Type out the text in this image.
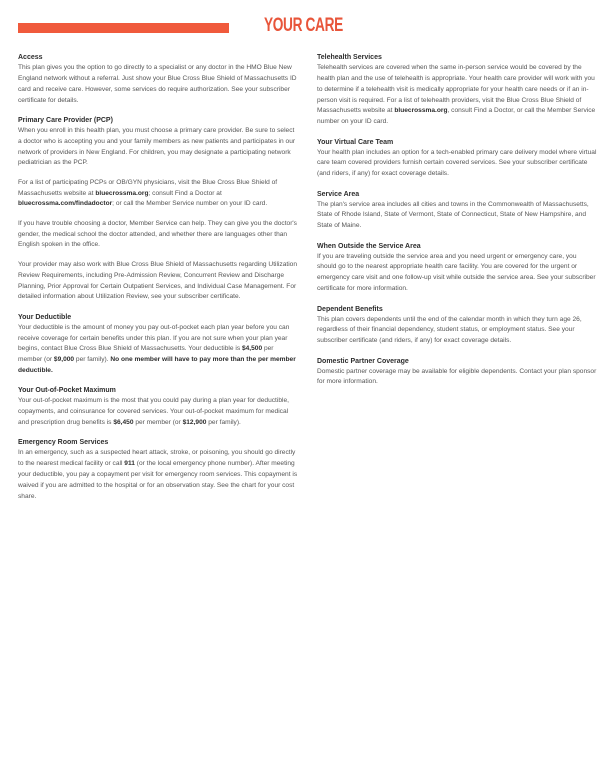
YOUR CARE
Access

This plan gives you the option to go directly to a specialist or any doctor in the HMO Blue New England network without a referral. Just show your Blue Cross Blue Shield of Massachusetts ID card and receive care. However, some services do require authorization. See your subscriber certificate for details.

Primary Care Provider (PCP)

When you enroll in this health plan, you must choose a primary care provider. Be sure to select a doctor who is accepting you and your family members as new patients and participates in our network of providers in New England. For children, you may designate a participating network pediatrician as the PCP.

For a list of participating PCPs or OB/GYN physicians, visit the Blue Cross Blue Shield of Massachusetts website at bluecrossma.org; consult Find a Doctor at bluecrossma.com/findadoctor; or call the Member Service number on your ID card.

If you have trouble choosing a doctor, Member Service can help. They can give you the doctor's gender, the medical school the doctor attended, and whether there are languages other than English spoken in the office.

Your provider may also work with Blue Cross Blue Shield of Massachusetts regarding Utilization Review Requirements, including Pre-Admission Review, Concurrent Review and Discharge Planning, Prior Approval for Certain Outpatient Services, and Individual Case Management. For detailed information about Utilization Review, see your subscriber certificate.

Your Deductible

Your deductible is the amount of money you pay out-of-pocket each plan year before you can receive coverage for certain benefits under this plan. If you are not sure when your plan year begins, contact Blue Cross Blue Shield of Massachusetts. Your deductible is $4,500 per member (or $9,000 per family). No one member will have to pay more than the per member deductible.

Your Out-of-Pocket Maximum

Your out-of-pocket maximum is the most that you could pay during a plan year for deductible, copayments, and coinsurance for covered services. Your out-of-pocket maximum for medical and prescription drug benefits is $6,450 per member (or $12,900 per family).

Emergency Room Services

In an emergency, such as a suspected heart attack, stroke, or poisoning, you should go directly to the nearest medical facility or call 911 (or the local emergency phone number). After meeting your deductible, you pay a copayment per visit for emergency room services. This copayment is waived if you are admitted to the hospital or for an observation stay. See the chart for your cost share.

Telehealth Services

Telehealth services are covered when the same in-person service would be covered by the health plan and the use of telehealth is appropriate. Your health care provider will work with you to determine if a telehealth visit is medically appropriate for your health care needs or if an in-person visit is required. For a list of telehealth providers, visit the Blue Cross Blue Shield of Massachusetts website at bluecrossma.org, consult Find a Doctor, or call the Member Service number on your ID card.

Your Virtual Care Team

Your health plan includes an option for a tech-enabled primary care delivery model where virtual care team covered providers furnish certain covered services. See your subscriber certificate (and riders, if any) for exact coverage details.

Service Area

The plan's service area includes all cities and towns in the Commonwealth of Massachusetts, State of Rhode Island, State of Vermont, State of Connecticut, State of New Hampshire, and State of Maine.

When Outside the Service Area

If you are traveling outside the service area and you need urgent or emergency care, you should go to the nearest appropriate health care facility. You are covered for the urgent or emergency care visit and one follow-up visit while outside the service area. See your subscriber certificate for more information.

Dependent Benefits

This plan covers dependents until the end of the calendar month in which they turn age 26, regardless of their financial dependency, student status, or employment status. See your subscriber certificate (and riders, if any) for exact coverage details.

Domestic Partner Coverage

Domestic partner coverage may be available for eligible dependents. Contact your plan sponsor for more information.
